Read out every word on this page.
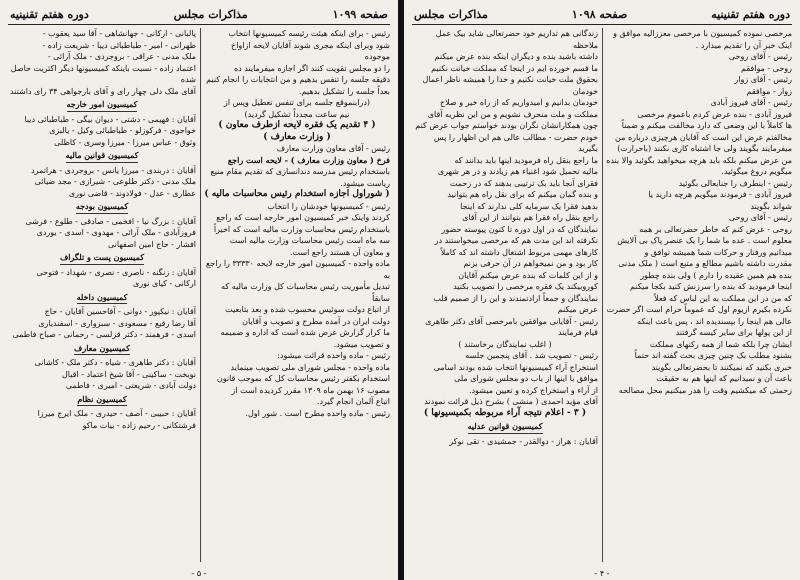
صفحه ۱۰۹۹
مذاکرات مجلس
دوره هفتم تقنینیه

پالبانی - ارکانی - جهانشاهی - آقا سید یعقوب -

طهرانی - امیر - طباطبائی دیبا - شریعت زاده -

ملک مدنی - عراقی - بروجردی - ملک آرائی -

اعتماد زاده - نسبت باینکه کمیسیونها دیگر اکثریت حاصل شده

آقای ملک دلی چهار رای و آقای بارجواهی ۳۴ رای داشتند

کمیسیون امور خارجه

آقایان : فهیمی - دشتی - دیوان بیگی - طباطبائی دیبا

خواجوی - فرکوزلو - طباطبائی وکیل - یالبزی

وثوق - عباس میرزا - میرزا وسری - کاظلی

کمیسیون قوانین مالیه

آقایان : دربندی - میرزا یانس - بروجردی - هراتمرد

ملک مدنی - دکتر طلوعی - شیرازی - مجد ضیائی

عطاری - عدل - فولادوند - قاضی نوری

کمیسیون بودجه

آقایان : بزرگ نیا - افخمی - صادقی - طلوع - فرشی

فروزآبادی - ملک آرائی - مهدوی - اسدی - یوردی

افشار - حاج امین اصفهانی

کمیسیون پست و تلگراف

آقایان : زنگنه - ناصری - نصری - شهداد - فتوحی

ارکانی - کیای نوری

کمیسیون داخله

آقایان : نیکپور - دوانی - آقاحسین آقایان - حاج

آقا رضا رفیع - مسعودی - سبزواری - اسفندیاری

اسدی - فرهمند - دکتر قزلسی - رحمانی - صباح فاطمی

کمیسیون معارف

آقایان : دکتر طاهری - شیاه - دکتر ملک - کاشانی

نوبخت - ساکینی - آقا شیخ اعتماد - اقبال

دولت آبادی - شریعتی - امیری - فاطمی

کمیسیون نظام

آقایان : حبیبی - آصف - حیدری - ملک ایرج میرزا

فرشتکانی - رحیم زاده - بیات ماکو

رئیس - برای اینکه هیئت رئیسه کمیسیونها انتخاب

شود وبرای اینکه مجری شوند آقایان لایحه ازاواخ موجوده

را دو مجلس تقویت کنند اگر اجازه میفرمایند ده

دقیقه جلسه را تنفس بدهیم و من انتخابات را انجام کنیم

بعداً جلسه را تشکیل بدهیم.

(درابنموقع جلسه برای تنفس تعطیل وپس از

نیم ساعت مجدداً تشکیل گردید)

( ۴ تقدیم یک فقره لایحه ازطرف معاون )

( وزارت معارف )

رئیس - آقای معاون وزارت معارف

فرخ ( معاون وزارت معارف ) - لایحه است راجع

باستخدام رئیس مدرسه دندانسازی که تقدیم مقام منیع

ریاست میشود.

( شوراول اجازه استخدام رئیس محاسبات مالیه )

رئیس - کمیسیونها خودشان را انتخاب

کردند واینک خبر کمیسیون امور خارجه است که راجع

باستخدام رئیس محاسبات وزارت مالیه است که اخیراً

سه ماه است رئیس محاسبات وزارت مالیه است

و معاون آن هستند راجع است.

ماده واحده - کمیسیون امور خارجه لایحه ۳۳۳۳۰ را راجع به

تبدیل مأموریت رئیس محاسبات کل وزارت مالیه که سابقاً

از اتباع دولت سوئیس محسوب شده و بعد بتابعیت

دولت ایران در آمده مطرح و تصویب و آقایان

ما کرار گزارش عرض شده است که اداره و ضمیمه

و تصویب میشود.

رئیس - ماده واحده قرائت میشود:

ماده واحده - مجلس شورای ملی تصویب مینماید

استخدام بکفتر رئیس محاسبات کل که بموجب قانون

مصوب ۱۶ بهمن ماه ۱۳۰۹ مقرر کردیده است از

اتباع آلمان انجام گیرد.

رئیس - ماده واحده مطرح است . شور اول.

- ۵ -
دوره هفتم تقنینیه
صفحه ۱۰۹۸
مذاکرات مجلس

زندگانی هم تداریم خود حضرتعالی شاید بیک عمل ملاحظه

داشته باشید بنده و دیگران اینکه بنده عرض میکنم

ما قسم خورده ایم در اینجا که مملکت خیانت نکنیم

بحقوق ملت خیانت نکنیم و خدا را همیشه ناظر اعمال خودمان

خودمان بدانیم و امیدواریم که از راه خیر و صلاح

مملکت و ملت منحرف نشویم و من این نظریه آقای

چون همکارانشان نگران بودند خواستم جواب عرض کنم

خودم حضرت - مطالب عالی هم این اظهار را پس بگیرید

ما راجع بنقل راه فرمودید اینها باید بدانند که

مالیه تحمیل شود اغنیاء هم زیادند و در هر شهری

فقرای آنجا باید بک ترتیبی بدهند که در زحمت

و بنده گمان میکنم که برای نقل راه هم بتوانید

بدهید فقرا یک سرمایه کلی ندارند که اینجا

راجع بنقل راه فقرا هم بتوانند از این آقای

نمایندگان که در اول دوره تا کنون پیوسته حضور

نکرفته اند این مدت هم که مرخصی میخواستند در

کارهای مهمی مربوط اشتغال داشته اند که کاملاً

کار بود و من نمیخواهم در آن حرفی بزنم

و از این کلمات که بنده عرض میکنم آقایان

کوروبیکند یک فقره مرخصی را تصویب بکنید

نمایندگان و جمعاً ارادتمندند و این را از صمیم قلب

عرض میکنم

رئیس - آقایانی موافقین بامرخصی آقای دکتر طاهری

قیام فرمایند

( اغلب نمایندگان برخاستند )

رئیس - تصویب شد . آقای پنجمین جلسه

استخراج آراء کمیسیونها انتخاب شده بودند اسامی

موافق با اینها از باب دو مجلس شورای ملی

از آراء و استخراج کرده و تعیین میشود.

آقای مؤید احمدی ( منشی ) بشرح ذیل قرائت نمودند

( ۳ - اعلام نتیجه آراء مربوطه بکمیسیونها )

کمیسیون قوانین عدلیه

آقایان : هراز - دوالقدر - جمشیدی - تقی نوکر

مرخصی نموده کمیسیون با مرخصی معززالیه موافق و

اینک خبر آن را تقدیم میدارد .

رئیس - آقای روحی

روحی - موافقم

رئیس - آقای زوار

زوار - موافقم

رئیس - آقای فیروز آبادی

فیروز آبادی - بنده عرض کردم باعموم مرخصی

ها کاملاً با این وضعی که دارد مخالفت میکنم و ضمناً

مخالفتم عرض این است که آقایان هرچیزی درباره من

میفرمایند بگویند ولی جا اشتباه کاری نکنند (باحرارت)

من عرض میکنم بلکه باید هرچه میخواهید بگوئید والا بنده

میگویم دروغ میگوئید.

رئیس - اینطرف را جنابعالی بگوئید

فیروز آبادی - فرمودند میگویم هرچه دارید یا

شواند بگویند

رئیس - آقای روحی

روحی - عرض کنم که خاطر حضرتعالی بر همه

معلوم است . عده ما شما را یک عنصر پاک بی آلایش

میدانیم ورفتار و حرکات شما همیشه توافق و

مقدرت داشته باشیم مطالع و متبع است ( ملک مدنی

بنده هم همین عقیده را دارم ) ولی بنده چطور

اینجا فرمودید که بنده را سرزنش کنید بکجا میکنم

که من در این مملکت به این لباس که فعلاً

نکرده بکیرم ازیوم اول که عموماً حرام است اگر حضرت

عالی هم اینجا را بپسندیده اند ، پس باعث اینکه

از این پولها برای سایر کیسه گرفتند

ایشان چرا بلکه شما از همه رکنهای مملکت

بشنود مطلب بک چنین چیزی بحث گفته اند حتماً

خبری بکنید که نمیکنند تا بحضرتعالی بگویند

باعث آن و نمیدانیم که اینها هم به حقیقت

زحمتی که میکشیم وقت را هدر میکنیم محل مصالحه

- ۴ -
